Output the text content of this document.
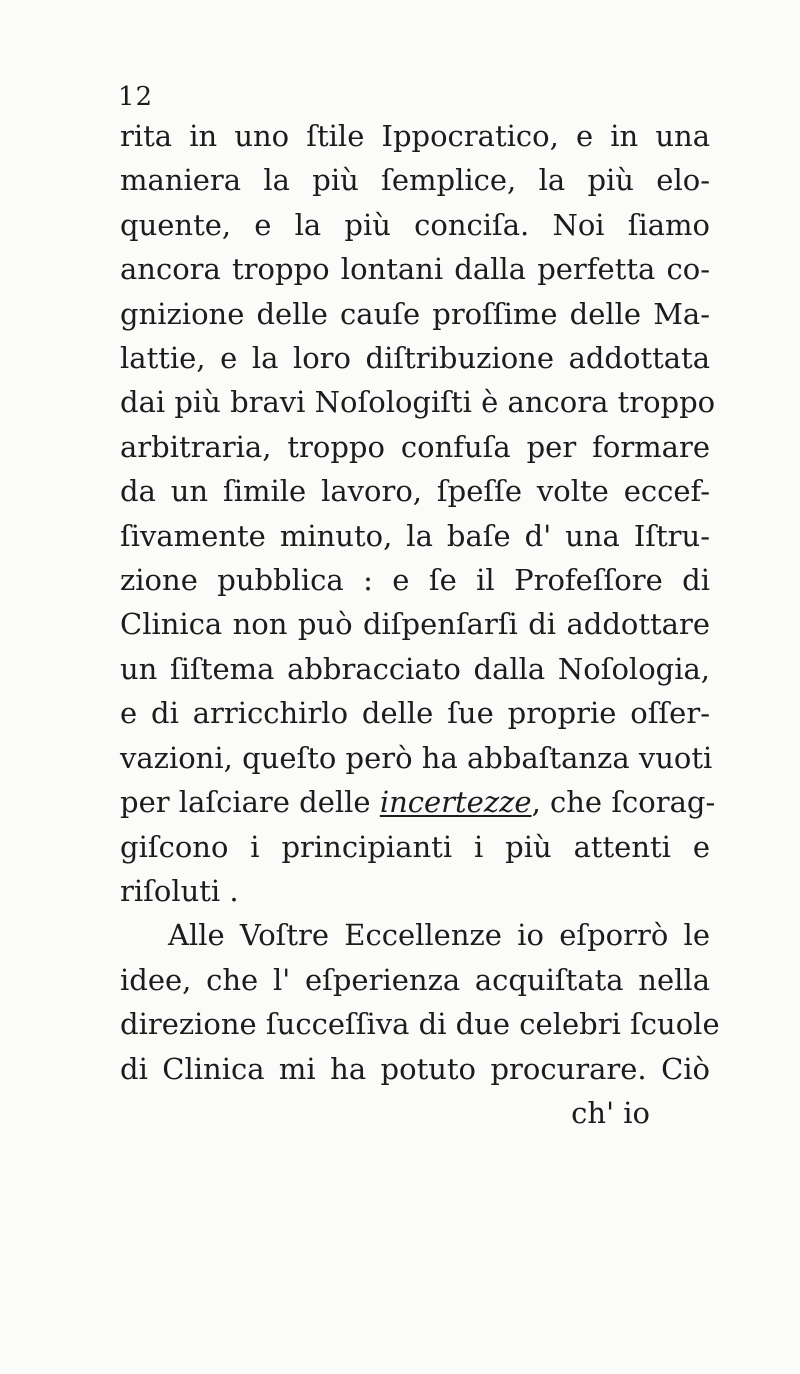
12
rita in uno ſtile Ippocratico, e in una
maniera la più ſemplice, la più elo-
quente, e la più conciſa. Noi ſiamo
ancora troppo lontani dalla perfetta co-
gnizione delle cauſe proſſime delle Ma-
lattie, e la loro diſtribuzione addottata
dai più bravi Noſologiſti è ancora troppo
arbitraria, troppo confuſa per formare
da un ſimile lavoro, ſpeſſe volte eccef-
ſivamente minuto, la baſe d' una Iſtru-
zione pubblica : e ſe il Profeſſore di
Clinica non può diſpenſarſi di addottare
un ſiſtema abbracciato dalla Noſologia,
e di arricchirlo delle ſue proprie oſſer-
vazioni, queſto però ha abbaſtanza vuoti
per laſciare delle incertezze, che ſcorag-
giſcono i principianti i più attenti e
riſoluti .
Alle Voſtre Eccellenze io eſporrò le
idee, che l' eſperienza acquiſtata nella
direzione ſucceſſiva di due celebri ſcuole
di Clinica mi ha potuto procurare. Ciò
ch' io
